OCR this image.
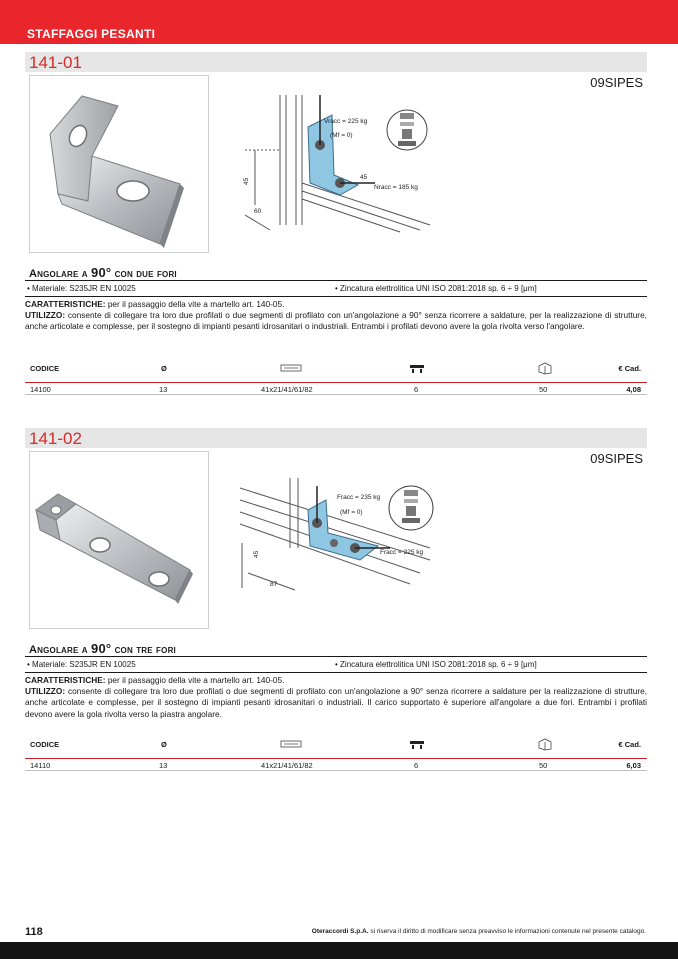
STAFFAGGI PESANTI
141-01
09SIPES
Vracc = 225 kg
(Mf = 0)
Nracc = 185 kg
45
45
60
Angolare a 90° con due fori
• Materiale: S235JR EN 10025	• Zincatura elettrolitica UNI ISO 2081:2018 sp. 6 ÷ 9 [μm]
CARATTERISTICHE: per il passaggio della vite a martello art. 140-05.
UTILIZZO: consente di collegare tra loro due profilati o due segmenti di profilato con un'angolazione a 90° senza ricorrere a saldature, per la realizzazione di strutture, anche articolate e complesse, per il sostegno di impianti pesanti idrosanitari o industriali. Entrambi i profilati devono avere la gola rivolta verso l'angolare.
CODICE	Ø	€ Cad.
14100	13	41x21/41/61/82	6	50	4,08
141-02
09SIPES
Fracc = 235 kg
(Mf = 0)
Fracc = 225 kg
45
87
Angolare a 90° con tre fori
• Materiale: S235JR EN 10025	• Zincatura elettrolitica UNI ISO 2081:2018 sp. 6 ÷ 9 [μm]
CARATTERISTICHE: per il passaggio della vite a martello art. 140-05.
UTILIZZO: consente di collegare tra loro due profilati o due segmenti di profilato con un'angolazione a 90° senza ricorrere a saldature per la realizzazione di strutture, anche articolate e complesse, per il sostegno di impianti pesanti idrosanitari o industriali. Il carico supportato è superiore all'angolare a due fori. Entrambi i profilati devono avere la gola rivolta verso la piastra angolare.
CODICE	Ø	€ Cad.
14110	13	41x21/41/61/82	6	50	6,03
118	Oteraccordi S.p.A. si riserva il diritto di modificare senza preavviso le informazioni contenute nel presente catalogo.
